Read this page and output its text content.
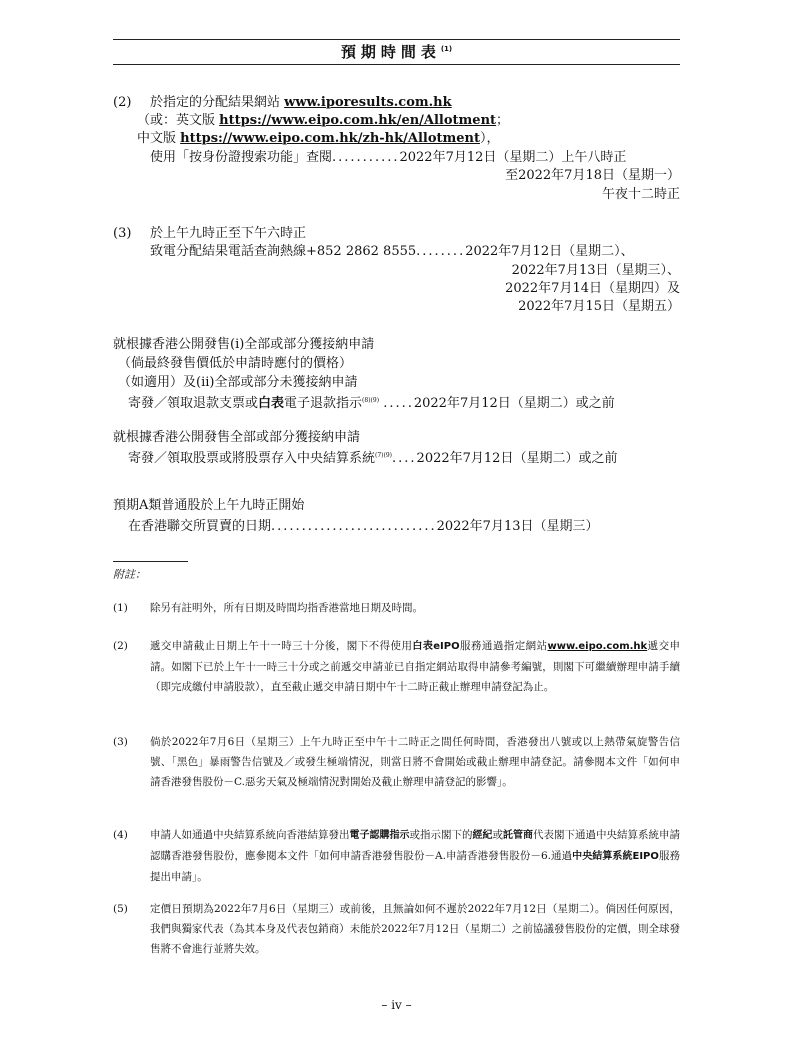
預期時間表$^{(1)}$
(2) 於指定的分配結果網站 www.iporesults.com.hk
（或：英文版 https://www.eipo.com.hk/en/Allotment；
中文版 https://www.eipo.com.hk/zh-hk/Allotment），
使用「按身份證搜索功能」查閱...........2022年7月12日（星期二）上午八時正
至2022年7月18日（星期一）
午夜十二時正
(3) 於上午九時正至下午六時正
致電分配結果電話查詢熱線+852 2862 8555........2022年7月12日（星期二）、
2022年7月13日（星期三）、
2022年7月14日（星期四）及
2022年7月15日（星期五）
就根據香港公開發售(i)全部或部分獲接納申請
（倘最終發售價低於申請時應付的價格）
（如適用）及(ii)全部或部分未獲接納申請
寄發／領取退款支票或白表電子退款指示$^{(8)(9)}$ .....2022年7月12日（星期二）或之前
就根據香港公開發售全部或部分獲接納申請
寄發／領取股票或將股票存入中央結算系統$^{(7)(9)}$....2022年7月12日（星期二）或之前
預期A類普通股於上午九時正開始
在香港聯交所買賣的日期...........................2022年7月13日（星期三）
附註：
(1) 除另有註明外，所有日期及時間均指香港當地日期及時間。
(2) 遞交申請截止日期上午十一時三十分後，閣下不得使用白表eIPO服務通過指定網站www.eipo.com.hk遞交申請。如閣下已於上午十一時三十分或之前遞交申請並已自指定網站取得申請參考編號，則閣下可繼續辦理申請手續（即完成繳付申請股款），直至截止遞交申請日期中午十二時正截止辦理申請登記為止。
(3) 倘於2022年7月6日（星期三）上午九時正至中午十二時正之間任何時間，香港發出八號或以上熱帶氣旋警告信號、「黑色」暴雨警告信號及／或發生極端情況，則當日將不會開始或截止辦理申請登記。請參閱本文件「如何申請香港發售股份－C.惡劣天氣及極端情況對開始及截止辦理申請登記的影響」。
(4) 申請人如通過中央結算系統向香港結算發出電子認購指示或指示閣下的經紀或託管商代表閣下通過中央結算系統申請認購香港發售股份，應參閱本文件「如何申請香港發售股份－A.申請香港發售股份－6.通過中央結算系統EIPO服務提出申請」。
(5) 定價日預期為2022年7月6日（星期三）或前後，且無論如何不遲於2022年7月12日（星期二）。倘因任何原因，我們與獨家代表（為其本身及代表包銷商）未能於2022年7月12日（星期二）之前協議發售股份的定價，則全球發售將不會進行並將失效。
– iv –
